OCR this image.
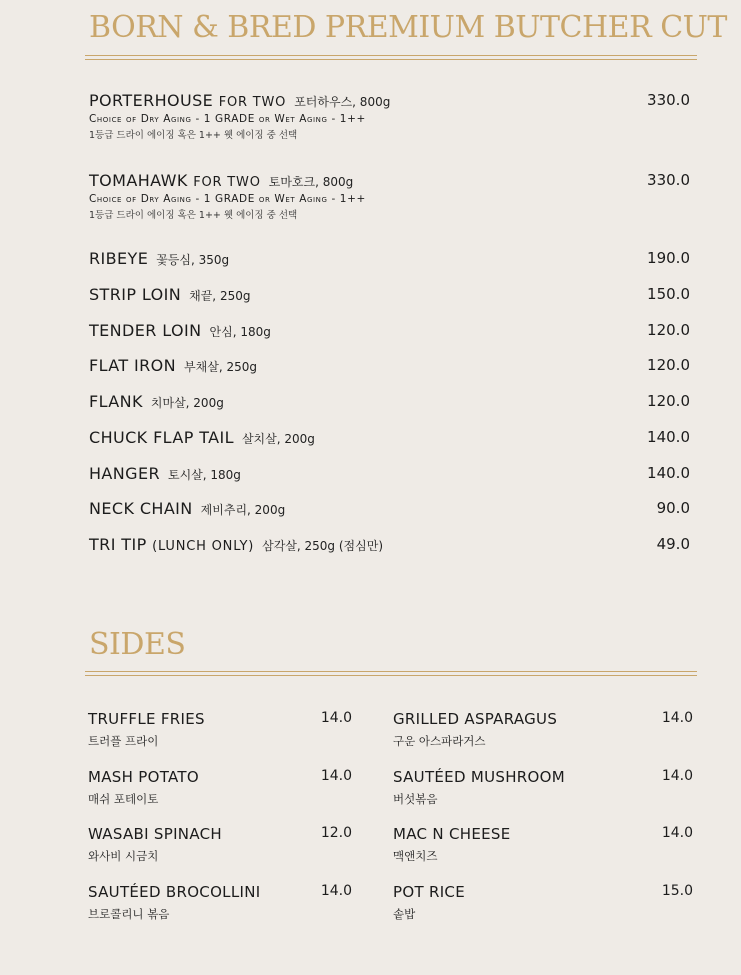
BORN & BRED PREMIUM BUTCHER CUT
PORTERHOUSE FOR TWO 포터하우스, 800g	330.0
Choice of Dry Aging - 1 GRADE or Wet Aging - 1++
1등급 드라이 에이징 혹은 1++ 웻 에이징 중 선택
TOMAHAWK FOR TWO 토마호크, 800g	330.0
Choice of Dry Aging - 1 GRADE or Wet Aging - 1++
1등급 드라이 에이징 혹은 1++ 웻 에이징 중 선택
RIBEYE 꽃등심, 350g	190.0
STRIP LOIN 채끝, 250g	150.0
TENDER LOIN 안심, 180g	120.0
FLAT IRON 부채살, 250g	120.0
FLANK 치마살, 200g	120.0
CHUCK FLAP TAIL 살치살, 200g	140.0
HANGER 토시살, 180g	140.0
NECK CHAIN 제비추리, 200g	90.0
TRI TIP (LUNCH ONLY) 삼각살, 250g (점심만)	49.0
SIDES
TRUFFLE FRIES	14.0
트러플 프라이
MASH POTATO	14.0
매쉬 포테이토
WASABI SPINACH	12.0
와사비 시금치
SAUTÉED BROCOLLINI	14.0
브로콜리니 볶음
GRILLED ASPARAGUS	14.0
구운 아스파라거스
SAUTÉED MUSHROOM	14.0
버섯볶음
MAC N CHEESE	14.0
맥앤치즈
POT RICE	15.0
솥밥
